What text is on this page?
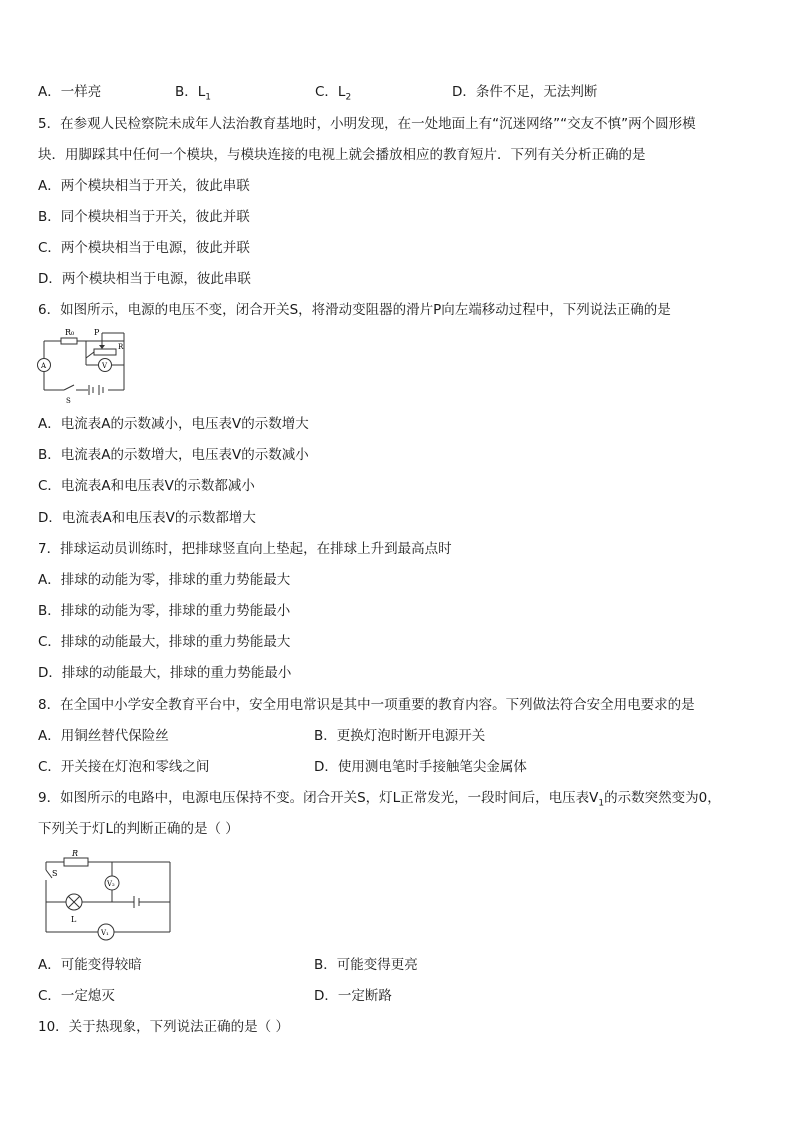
A．一样亮	B．$L_1$	C．$L_2$	D．条件不足，无法判断
5．在参观人民检察院未成年人法治教育基地时，小明发现，在一处地面上有“沉迷网络”“交友不慎”两个圆形模
块．用脚踩其中任何一个模块，与模块连接的电视上就会播放相应的教育短片．下列有关分析正确的是
A．两个模块相当于开关，彼此串联
B．同个模块相当于开关，彼此并联
C．两个模块相当于电源，彼此并联
D．两个模块相当于电源，彼此串联
6．如图所示，电源的电压不变，闭合开关S，将滑动变阻器的滑片P向左端移动过程中，下列说法正确的是
R₀ P
R
V
A
S
A．电流表A的示数减小，电压表V的示数增大
B．电流表A的示数增大，电压表V的示数减小
C．电流表A和电压表V的示数都减小
D．电流表A和电压表V的示数都增大
7．排球运动员训练时，把排球竖直向上垫起，在排球上升到最高点时
A．排球的动能为零，排球的重力势能最大
B．排球的动能为零，排球的重力势能最小
C．排球的动能最大，排球的重力势能最大
D．排球的动能最大，排球的重力势能最小
8．在全国中小学安全教育平台中，安全用电常识是其中一项重要的教育内容。下列做法符合安全用电要求的是
A．用铜丝替代保险丝	B．更换灯泡时断开电源开关
C．开关接在灯泡和零线之间	D．使用测电笔时手接触笔尖金属体
9．如图所示的电路中，电源电压保持不变。闭合开关S，灯L正常发光，一段时间后，电压表$V_1$的示数突然变为0，
下列关于灯L的判断正确的是（ ）
R
S
L
V₂
V₁
A．可能变得较暗	B．可能变得更亮
C．一定熄灭	D．一定断路
10．关于热现象，下列说法正确的是（ ）
